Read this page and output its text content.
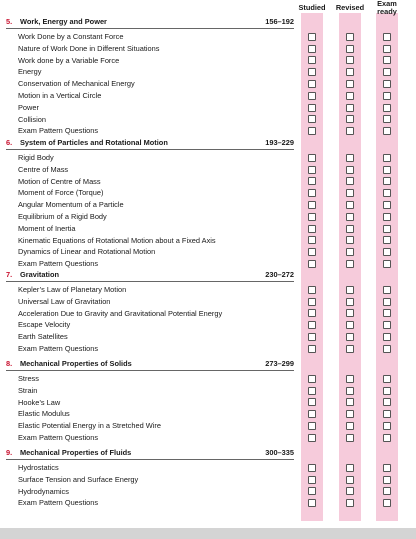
Studied	Revised	Exam
ready
5. Work, Energy and Power	156–192
Work Done by a Constant Force
Nature of Work Done in Different Situations
Work done by a Variable Force
Energy
Conservation of Mechanical Energy
Motion in a Vertical Circle
Power
Collision
Exam Pattern Questions
6. System of Particles and Rotational Motion	193–229
Rigid Body
Centre of Mass
Motion of Centre of Mass
Moment of Force (Torque)
Angular Momentum of a Particle
Equilibrium of a Rigid Body
Moment of Inertia
Kinematic Equations of Rotational Motion about a Fixed Axis
Dynamics of Linear and Rotational Motion
Exam Pattern Questions
7. Gravitation	230–272
Kepler’s Law of Planetary Motion
Universal Law of Gravitation
Acceleration Due to Gravity and Gravitational Potential Energy
Escape Velocity
Earth Satellites
Exam Pattern Questions
8. Mechanical Properties of Solids	273–299
Stress
Strain
Hooke’s Law
Elastic Modulus
Elastic Potential Energy in a Stretched Wire
Exam Pattern Questions
9. Mechanical Properties of Fluids	300–335
Hydrostatics
Surface Tension and Surface Energy
Hydrodynamics
Exam Pattern Questions
